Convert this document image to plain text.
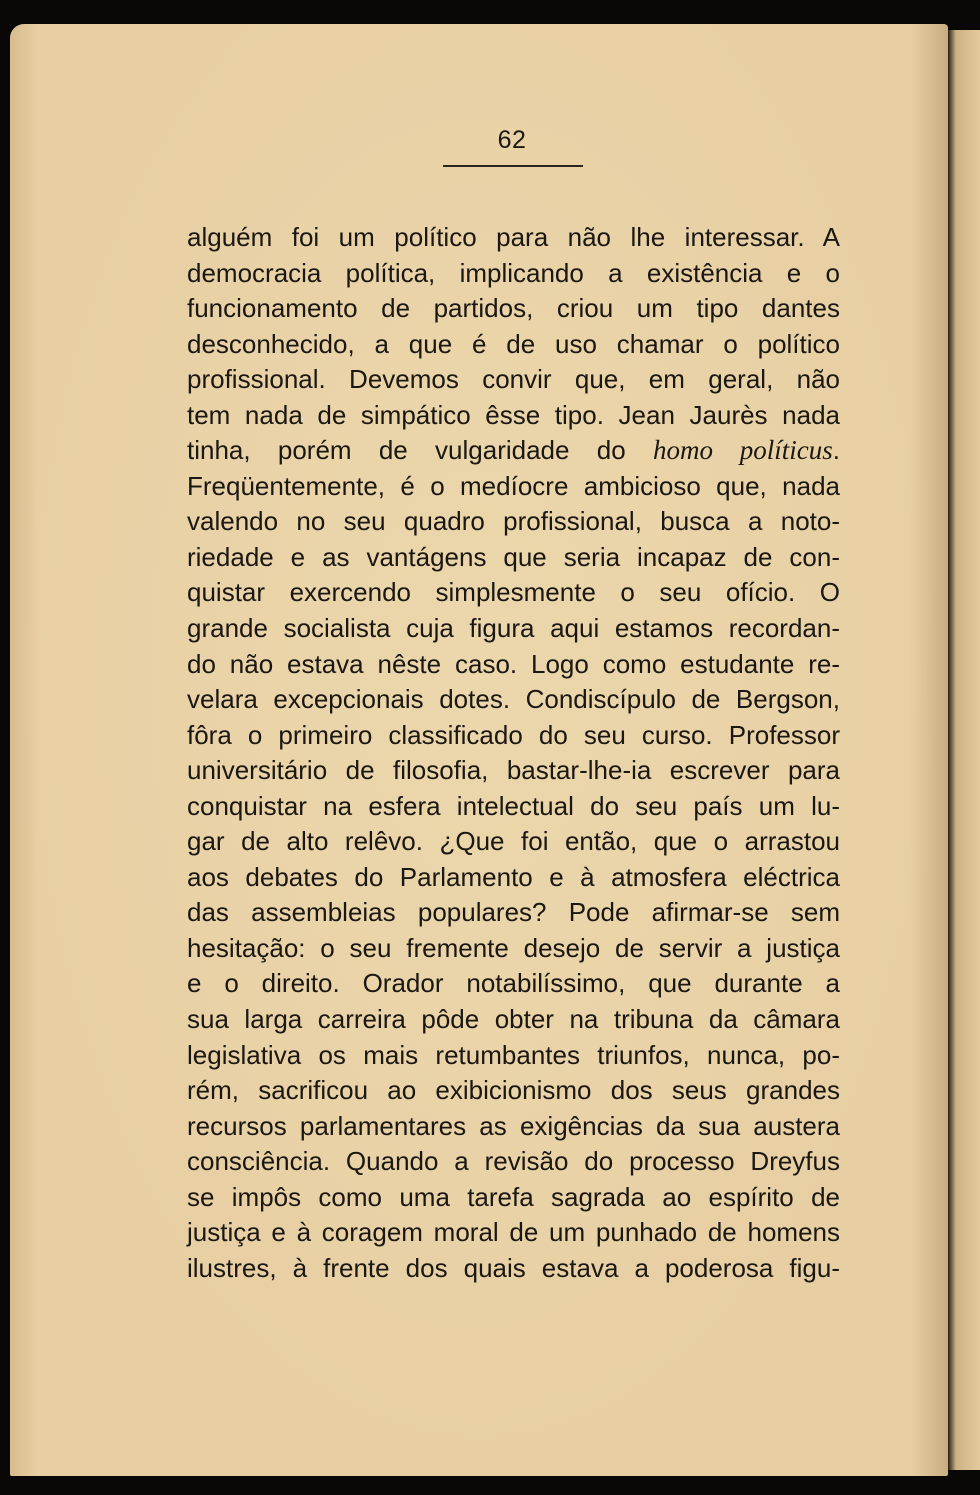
62
alguém foi um político para não lhe interessar. A
democracia política, implicando a existência e o
funcionamento de partidos, criou um tipo dantes
desconhecido, a que é de uso chamar o político
profissional. Devemos convir que, em geral, não
tem nada de simpático êsse tipo. Jean Jaurès nada
tinha, porém de vulgaridade do homo políticus.
Freqüentemente, é o medíocre ambicioso que, nada
valendo no seu quadro profissional, busca a noto-
riedade e as vantágens que seria incapaz de con-
quistar exercendo simplesmente o seu ofício. O
grande socialista cuja figura aqui estamos recordan-
do não estava nêste caso. Logo como estudante re-
velara excepcionais dotes. Condiscípulo de Bergson,
fôra o primeiro classificado do seu curso. Professor
universitário de filosofia, bastar-lhe-ia escrever para
conquistar na esfera intelectual do seu país um lu-
gar de alto relêvo. ¿Que foi então, que o arrastou
aos debates do Parlamento e à atmosfera eléctrica
das assembleias populares? Pode afirmar-se sem
hesitação: o seu fremente desejo de servir a justiça
e o direito. Orador notabilíssimo, que durante a
sua larga carreira pôde obter na tribuna da câmara
legislativa os mais retumbantes triunfos, nunca, po-
rém, sacrificou ao exibicionismo dos seus grandes
recursos parlamentares as exigências da sua austera
consciência. Quando a revisão do processo Dreyfus
se impôs como uma tarefa sagrada ao espírito de
justiça e à coragem moral de um punhado de homens
ilustres, à frente dos quais estava a poderosa figu-
